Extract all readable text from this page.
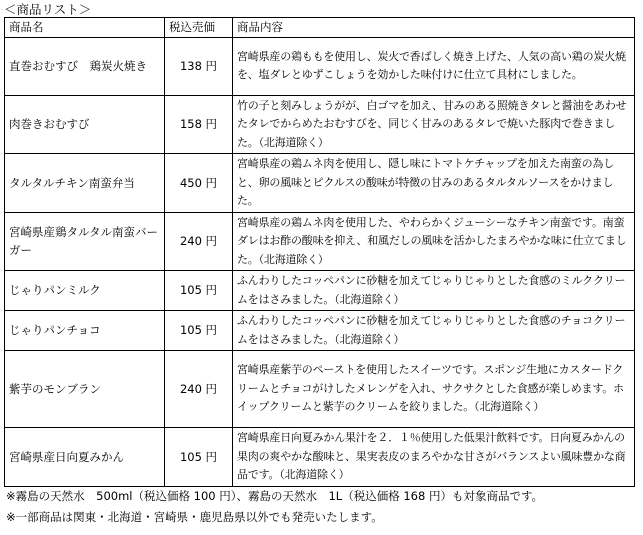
＜商品リスト＞
商品名	税込売価	商品内容
直巻おむすび　鶏炭火焼き	138 円	宮崎県産の鶏ももを使用し、炭火で香ばしく焼き上げた、人気の高い鶏の炭火焼を、塩ダレとゆずこしょうを効かした味付けに仕立て具材にしました。
肉巻きおむすび	158 円	竹の子と刻みしょうがが、白ゴマを加え、甘みのある照焼きタレと醤油をあわせたタレでからめたおむすびを、同じく甘みのあるタレで焼いた豚肉で巻きました。（北海道除く）
タルタルチキン南蛮弁当	450 円	宮崎県産の鶏ムネ肉を使用し、隠し味にトマトケチャップを加えた南蛮の為しと、卵の風味とピクルスの酸味が特徴の甘みのあるタルタルソースをかけました。
宮崎県産鶏タルタル南蛮バーガー	240 円	宮崎県産の鶏ムネ肉を使用した、やわらかくジューシーなチキン南蛮です。南蛮ダレはお酢の酸味を抑え、和風だしの風味を活かしたまろやかな味に仕立てました。（北海道除く）
じゃりパンミルク	105 円	ふんわりしたコッペパンに砂糖を加えてじゃりじゃりとした食感のミルククリームをはさみました。（北海道除く）
じゃりパンチョコ	105 円	ふんわりしたコッペパンに砂糖を加えてじゃりじゃりとした食感のチョコクリームをはさみました。（北海道除く）
紫芋のモンブラン	240 円	宮崎県産紫芋のペーストを使用したスイーツです。スポンジ生地にカスタードクリームとチョコがけしたメレンゲを入れ、サクサクとした食感が楽しめます。ホイップクリームと紫芋のクリームを絞りました。（北海道除く）
宮崎県産日向夏みかん	105 円	宮崎県産日向夏みかん果汁を２．１％使用した低果汁飲料です。日向夏みかんの果肉の爽やかな酸味と、果実表皮のまろやかな甘さがバランスよい風味豊かな商品です。（北海道除く）
※霧島の天然水　500ml（税込価格 100 円）、霧島の天然水　1L（税込価格 168 円）も対象商品です。
※一部商品は関東・北海道・宮崎県・鹿児島県以外でも発売いたします。
